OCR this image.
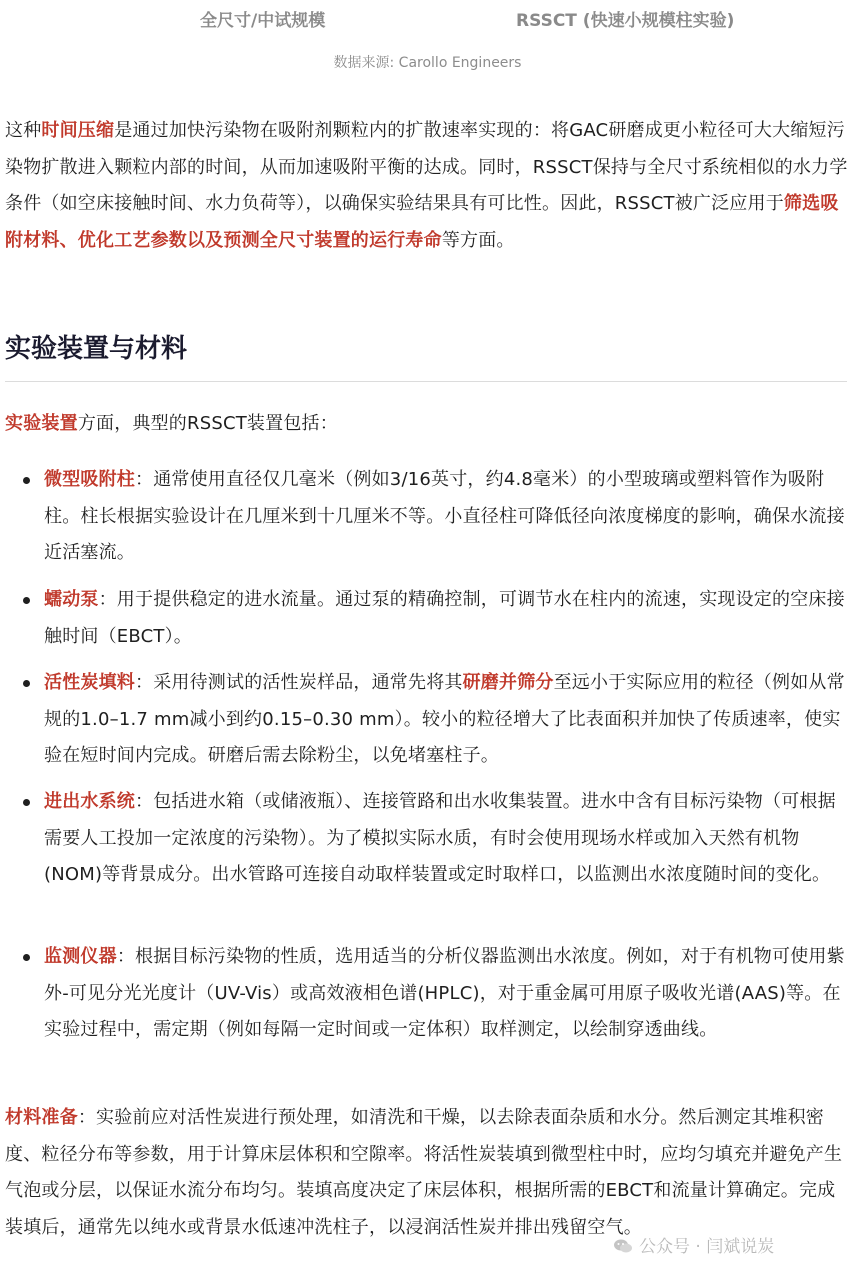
全尺寸/中试规模	RSSCT (快速小规模柱实验)
数据来源: Carollo Engineers

这种时间压缩是通过加快污染物在吸附剂颗粒内的扩散速率实现的：将GAC研磨成更小粒径可大大缩短污染物扩散进入颗粒内部的时间，从而加速吸附平衡的达成。同时，RSSCT保持与全尺寸系统相似的水力学条件（如空床接触时间、水力负荷等），以确保实验结果具有可比性。因此，RSSCT被广泛应用于筛选吸附材料、优化工艺参数以及预测全尺寸装置的运行寿命等方面。

实验装置与材料

实验装置方面，典型的RSSCT装置包括：

微型吸附柱：通常使用直径仅几毫米（例如3/16英寸，约4.8毫米）的小型玻璃或塑料管作为吸附柱。柱长根据实验设计在几厘米到十几厘米不等。小直径柱可降低径向浓度梯度的影响，确保水流接近活塞流。
蠕动泵：用于提供稳定的进水流量。通过泵的精确控制，可调节水在柱内的流速，实现设定的空床接触时间（EBCT）。
活性炭填料：采用待测试的活性炭样品，通常先将其研磨并筛分至远小于实际应用的粒径（例如从常规的1.0–1.7 mm减小到约0.15–0.30 mm）。较小的粒径增大了比表面积并加快了传质速率，使实验在短时间内完成。研磨后需去除粉尘，以免堵塞柱子。
进出水系统：包括进水箱（或储液瓶）、连接管路和出水收集装置。进水中含有目标污染物（可根据需要人工投加一定浓度的污染物）。为了模拟实际水质，有时会使用现场水样或加入天然有机物(NOM)等背景成分。出水管路可连接自动取样装置或定时取样口，以监测出水浓度随时间的变化。
监测仪器：根据目标污染物的性质，选用适当的分析仪器监测出水浓度。例如，对于有机物可使用紫外-可见分光光度计（UV-Vis）或高效液相色谱(HPLC)，对于重金属可用原子吸收光谱(AAS)等。在实验过程中，需定期（例如每隔一定时间或一定体积）取样测定，以绘制穿透曲线。

材料准备：实验前应对活性炭进行预处理，如清洗和干燥，以去除表面杂质和水分。然后测定其堆积密度、粒径分布等参数，用于计算床层体积和空隙率。将活性炭装填到微型柱中时，应均匀填充并避免产生气泡或分层，以保证水流分布均匀。装填高度决定了床层体积，根据所需的EBCT和流量计算确定。完成装填后，通常先以纯水或背景水低速冲洗柱子，以浸润活性炭并排出残留空气。

公众号 · 闫斌说炭
